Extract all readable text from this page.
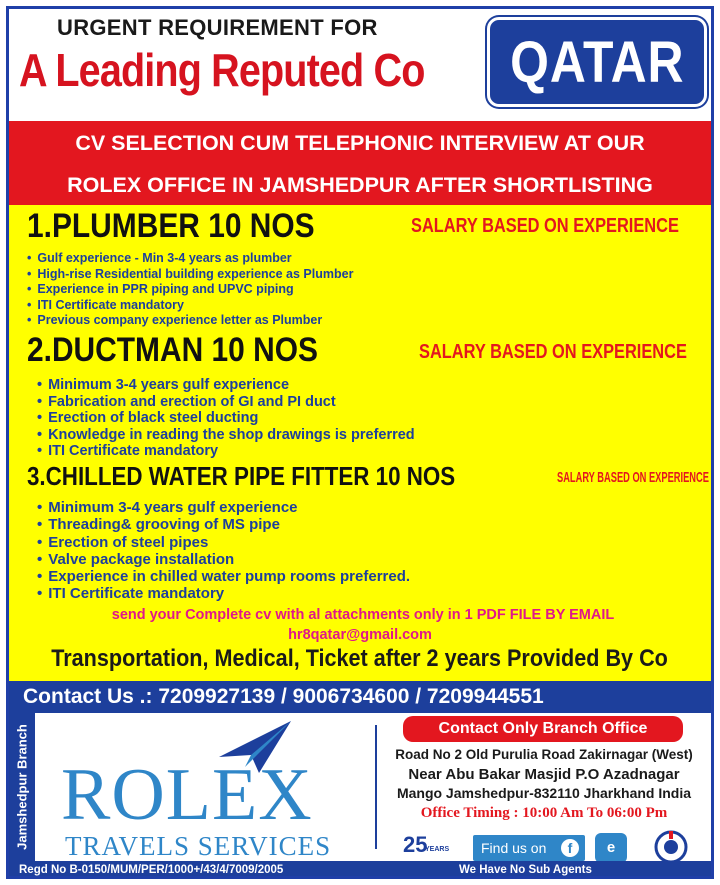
URGENT REQUIREMENT FOR
A Leading Reputed Co QATAR
CV SELECTION CUM TELEPHONIC INTERVIEW AT OUR
ROLEX OFFICE IN JAMSHEDPUR AFTER SHORTLISTING
1.PLUMBER 10 NOS	SALARY BASED ON EXPERIENCE
• Gulf experience - Min 3-4 years as plumber
• High-rise Residential building experience as Plumber
• Experience in PPR piping and UPVC piping
• ITI Certificate mandatory
• Previous company experience letter as Plumber
2.DUCTMAN 10 NOS	SALARY BASED ON EXPERIENCE
• Minimum 3-4 years gulf experience
• Fabrication and erection of GI and PI duct
• Erection of black steel ducting
• Knowledge in reading the shop drawings is preferred
• ITI Certificate mandatory
3.CHILLED WATER PIPE FITTER 10 NOS	SALARY BASED ON EXPERIENCE
• Minimum 3-4 years gulf experience
• Threading& grooving of MS pipe
• Erection of steel pipes
• Valve package installation
• Experience in chilled water pump rooms preferred.
• ITI Certificate mandatory
send your Complete cv with al attachments only in 1 PDF FILE BY EMAIL
hr8qatar@gmail.com
Transportation, Medical, Ticket after 2 years Provided By Co
Contact Us .: 7209927139 / 9006734600 / 7209944551
Jamshedpur Branch ROLEX
TRAVELS SERVICES
Contact Only Branch Office
Road No 2 Old Purulia Road Zakirnagar (West)
Near Abu Bakar Masjid P.O Azadnagar
Mango Jamshedpur-832110 Jharkhand India
Office Timing : 10:00 Am To 06:00 Pm
25
YEARS	Find us on	f	e
Regd No B-0150/MUM/PER/1000+/43/4/7009/2005	We Have No Sub Agents
